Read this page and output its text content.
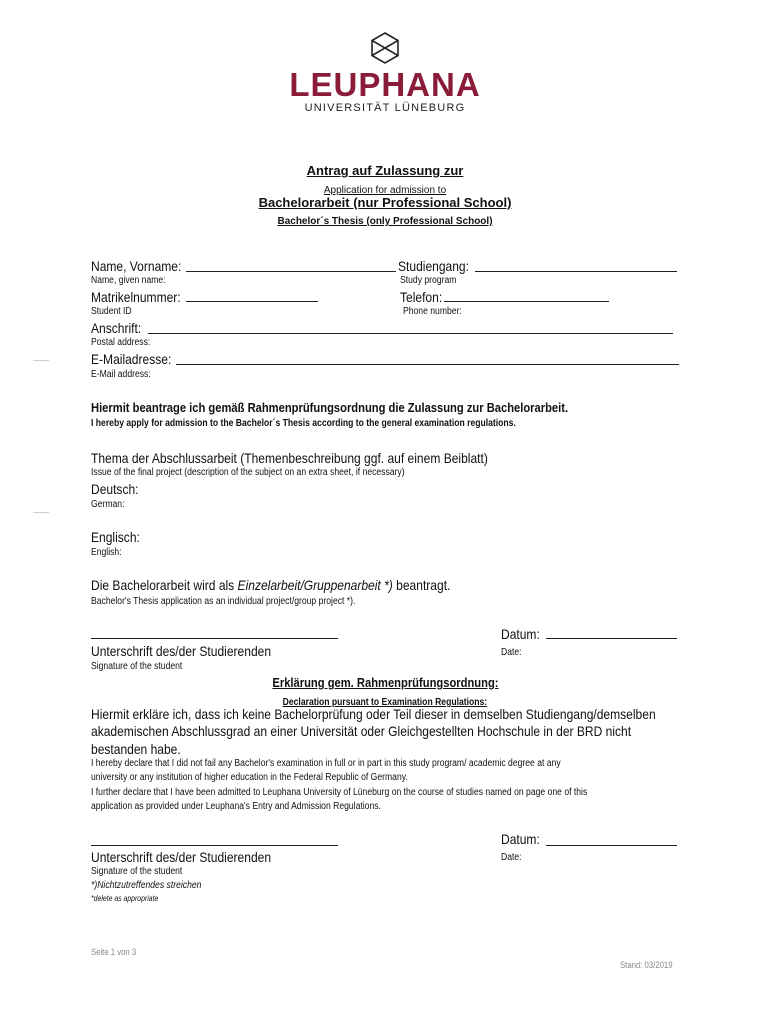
LEUPHANA
UNIVERSITÄT LÜNEBURG
Antrag auf Zulassung zur
Application for admission to
Bachelorarbeit (nur Professional School)
Bachelor´s Thesis (only Professional School)
Name, Vorname:	Studiengang:
Name, given name:	Study program
Matrikelnummer:	Telefon:
Student ID	Phone number:
Anschrift:
Postal address:
E-Mailadresse:
E-Mail address:
Hiermit beantrage ich gemäß Rahmenprüfungsordnung die Zulassung zur Bachelorarbeit.
I hereby apply for admission to the Bachelor´s Thesis according to the general examination regulations.
Thema der Abschlussarbeit (Themenbeschreibung ggf. auf einem Beiblatt)
Issue of the final project (description of the subject on an extra sheet, if necessary)
Deutsch:
German:
Englisch:
English:
Die Bachelorarbeit wird als Einzelarbeit/Gruppenarbeit *) beantragt.
Bachelor's Thesis application as an individual project/group project *).
Datum:
Unterschrift des/der Studierenden	Date:
Signature of the student
Erklärung gem. Rahmenprüfungsordnung:
Declaration pursuant to Examination Regulations:
Hiermit erkläre ich, dass ich keine Bachelorprüfung oder Teil dieser in demselben Studiengang/demselben
akademischen Abschlussgrad an einer Universität oder Gleichgestellten Hochschule in der BRD nicht
bestanden habe.
I hereby declare that I did not fail any Bachelor's examination in full or in part in this study program/ academic degree at any
university or any institution of higher education in the Federal Republic of Germany.
I further declare that I have been admitted to Leuphana University of Lüneburg on the course of studies named on page one of this
application as provided under Leuphana's Entry and Admission Regulations.
Datum:
Unterschrift des/der Studierenden	Date:
Signature of the student
*)Nichtzutreffendes streichen
*delete as appropriate
Seite 1 von 3
Stand: 03/2019
